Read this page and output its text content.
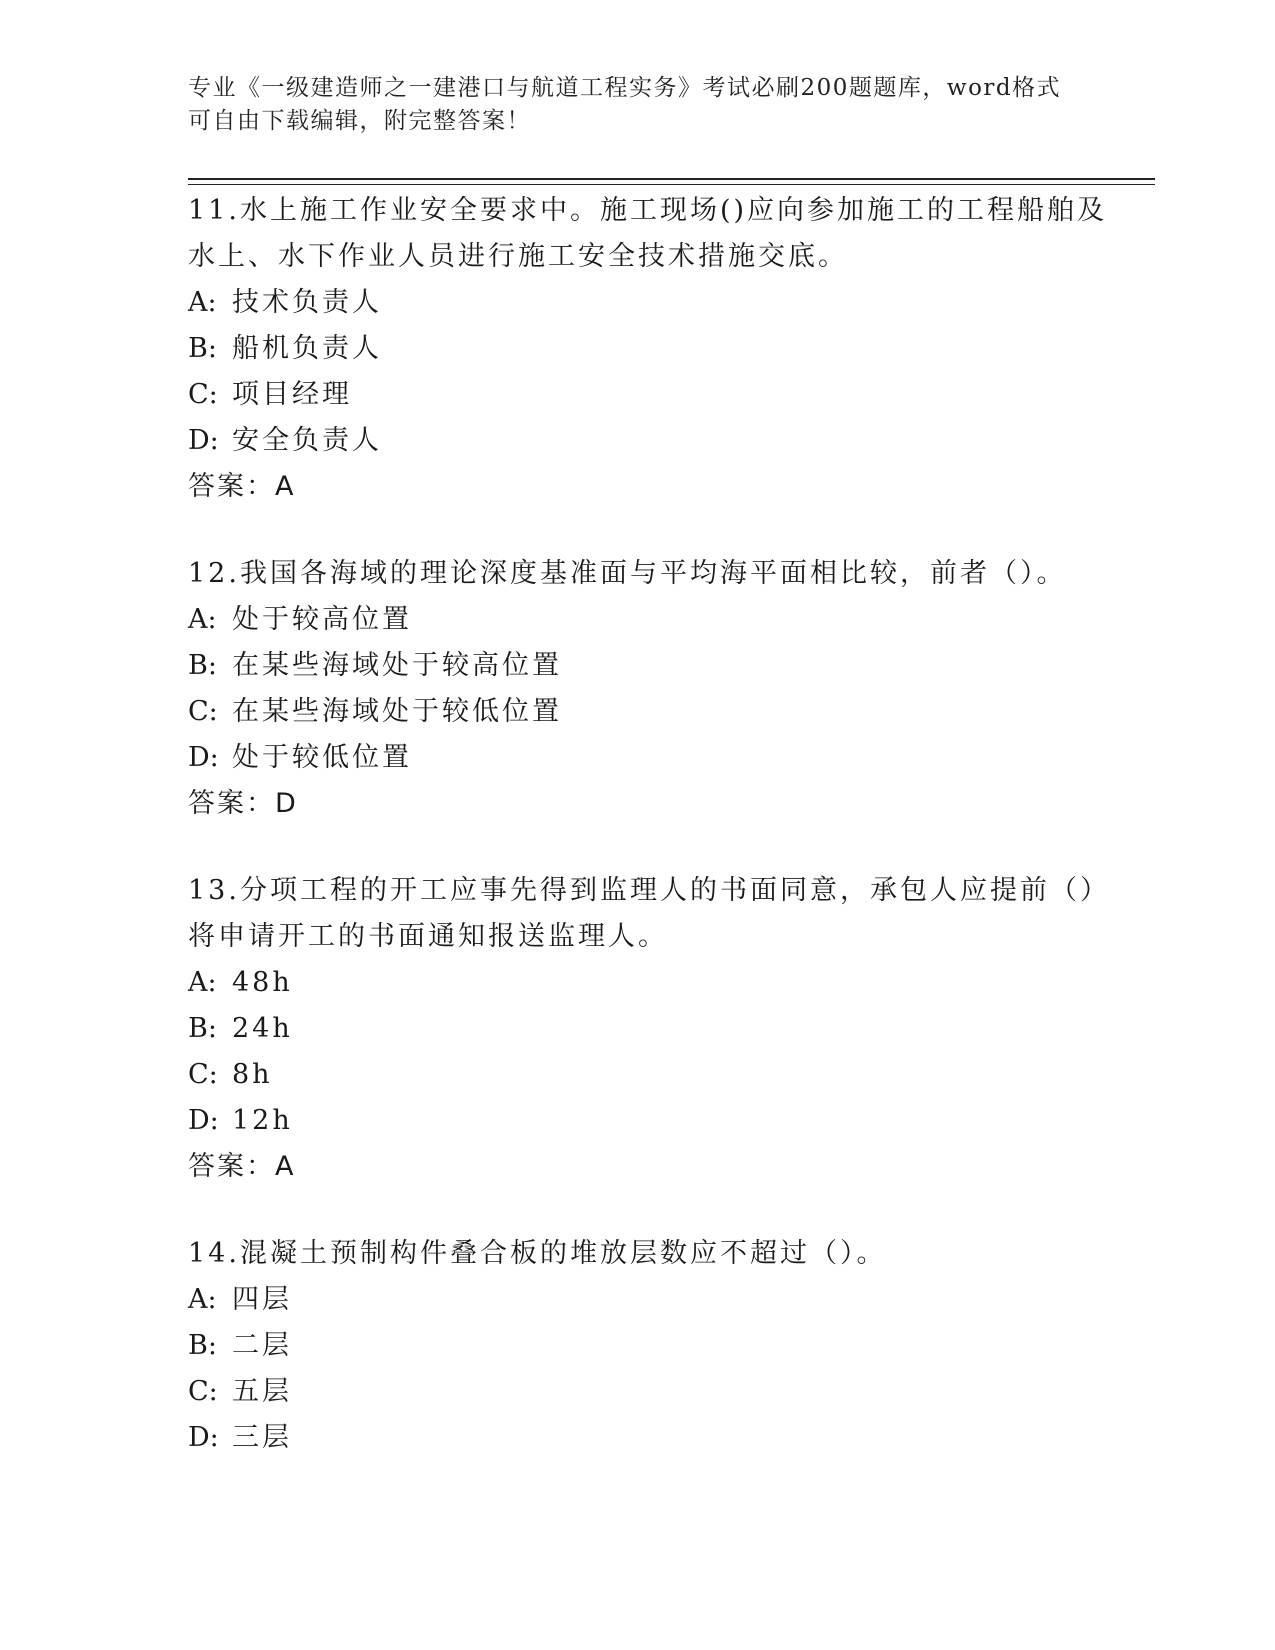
专业《一级建造师之一建港口与航道工程实务》考试必刷200题题库，word格式
可自由下载编辑，附完整答案！

11.水上施工作业安全要求中。施工现场()应向参加施工的工程船舶及

水上、水下作业人员进行施工安全技术措施交底。

A: 技术负责人

B: 船机负责人

C: 项目经理

D: 安全负责人

答案：A

12.我国各海域的理论深度基准面与平均海平面相比较，前者（）。

A: 处于较高位置

B: 在某些海域处于较高位置

C: 在某些海域处于较低位置

D: 处于较低位置

答案：D

13.分项工程的开工应事先得到监理人的书面同意，承包人应提前（）

将申请开工的书面通知报送监理人。

A: 48h

B: 24h

C: 8h

D: 12h

答案：A

14.混凝土预制构件叠合板的堆放层数应不超过（）。

A: 四层

B: 二层

C: 五层

D: 三层
